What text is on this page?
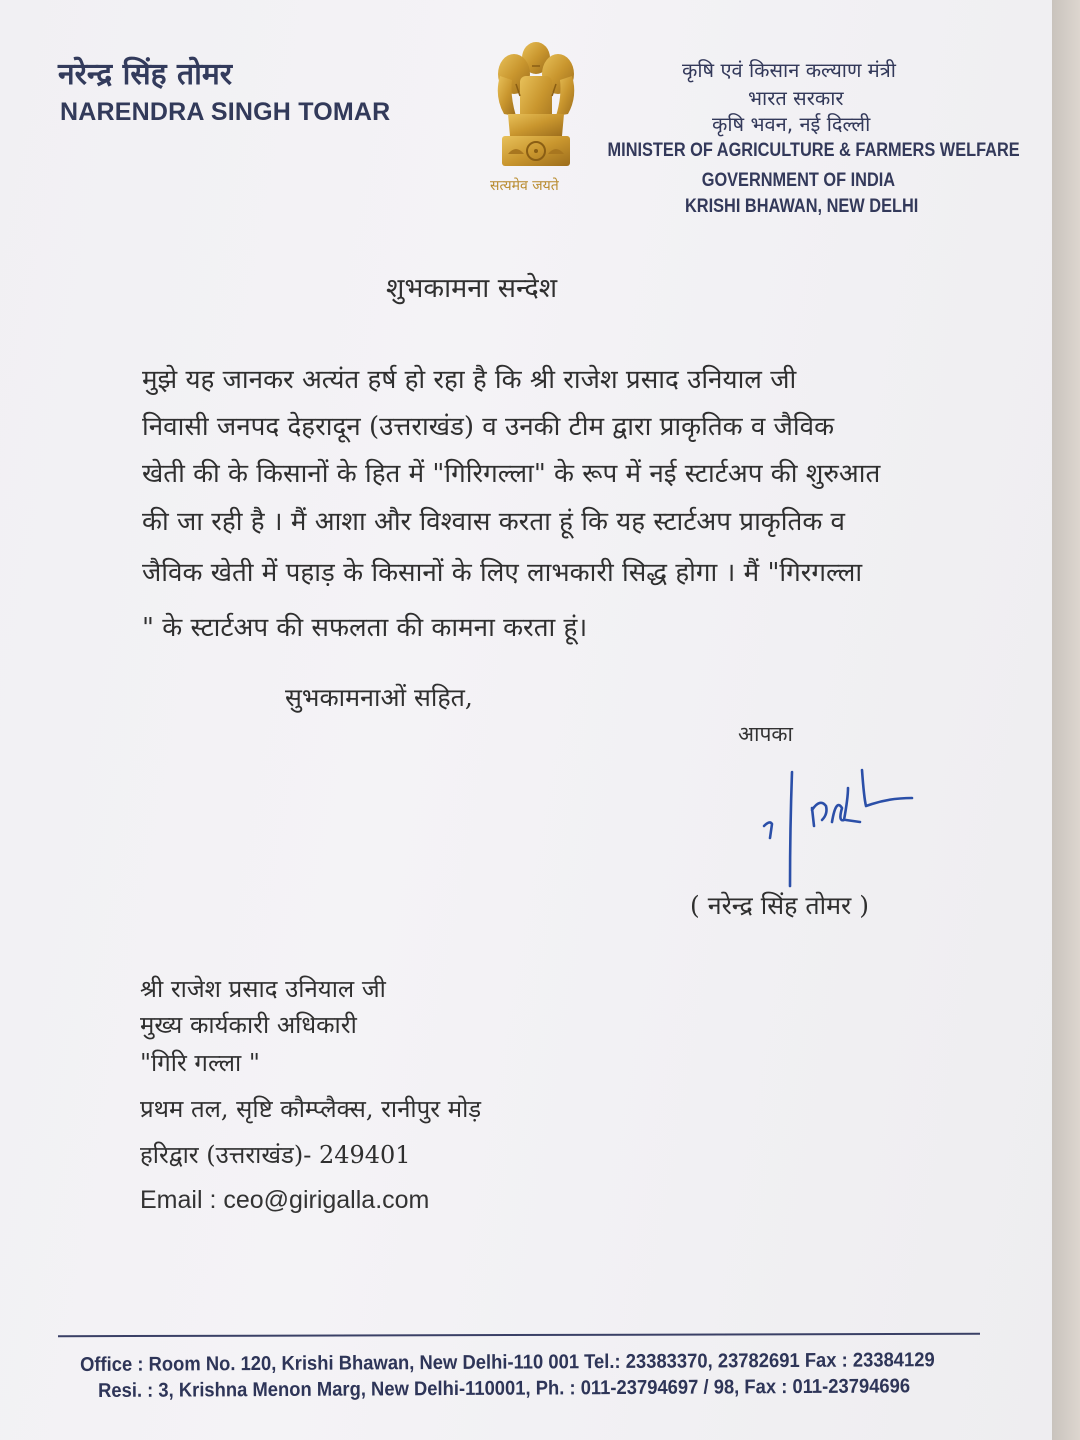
नरेन्द्र सिंह तोमर
NARENDRA SINGH TOMAR
सत्यमेव जयते
कृषि एवं किसान कल्याण मंत्री
भारत सरकार
कृषि भवन, नई दिल्ली
MINISTER OF AGRICULTURE & FARMERS WELFARE
GOVERNMENT OF INDIA
KRISHI BHAWAN, NEW DELHI
शुभकामना सन्देश
मुझे यह जानकर अत्यंत हर्ष हो रहा है कि श्री राजेश प्रसाद उनियाल जी
निवासी जनपद देहरादून (उत्तराखंड) व उनकी टीम द्वारा प्राकृतिक व जैविक
खेती की के किसानों के हित में "गिरिगल्ला" के रूप में नई स्टार्टअप की शुरुआत
की जा रही है । मैं आशा और विश्वास करता हूं कि यह स्टार्टअप प्राकृतिक व
जैविक खेती में पहाड़ के किसानों के लिए लाभकारी सिद्ध होगा । मैं "गिरगल्ला
" के स्टार्टअप की सफलता की कामना करता हूं।
सुभकामनाओं सहित,
आपका
( नरेन्द्र सिंह तोमर )
श्री राजेश प्रसाद उनियाल जी
मुख्य कार्यकारी अधिकारी
"गिरि गल्ला "
प्रथम तल, सृष्टि कौम्प्लैक्स, रानीपुर मोड़
हरिद्वार (उत्तराखंड)- 249401
Email : ceo@girigalla.com
Office : Room No. 120, Krishi Bhawan, New Delhi-110 001 Tel.: 23383370, 23782691 Fax : 23384129
Resi. : 3, Krishna Menon Marg, New Delhi-110001, Ph. : 011-23794697 / 98, Fax : 011-23794696
